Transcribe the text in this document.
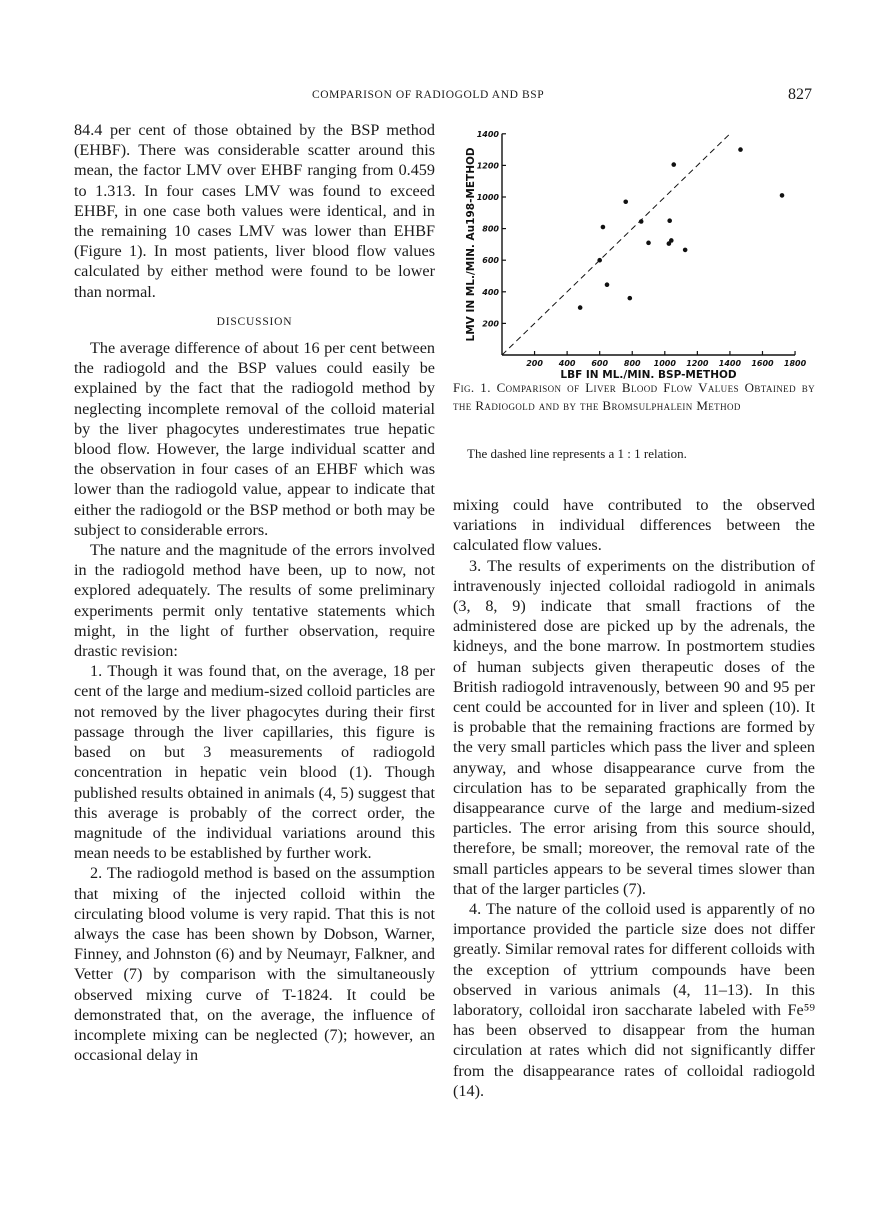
COMPARISON OF RADIOGOLD AND BSP	827

84.4 per cent of those obtained by the BSP method (EHBF). There was considerable scatter around this mean, the factor LMV over EHBF ranging from 0.459 to 1.313. In four cases LMV was found to exceed EHBF, in one case both values were identical, and in the remaining 10 cases LMV was lower than EHBF (Figure 1). In most patients, liver blood flow values calculated by either method were found to be lower than normal.

DISCUSSION

The average difference of about 16 per cent between the radiogold and the BSP values could easily be explained by the fact that the radiogold method by neglecting incomplete removal of the colloid material by the liver phagocytes underestimates true hepatic blood flow. However, the large individual scatter and the observation in four cases of an EHBF which was lower than the radiogold value, appear to indicate that either the radiogold or the BSP method or both may be subject to considerable errors.

The nature and the magnitude of the errors involved in the radiogold method have been, up to now, not explored adequately. The results of some preliminary experiments permit only tentative statements which might, in the light of further observation, require drastic revision:

1. Though it was found that, on the average, 18 per cent of the large and medium-sized colloid particles are not removed by the liver phagocytes during their first passage through the liver capillaries, this figure is based on but 3 measurements of radiogold concentration in hepatic vein blood (1). Though published results obtained in animals (4, 5) suggest that this average is probably of the correct order, the magnitude of the individual variations around this mean needs to be established by further work.

2. The radiogold method is based on the assumption that mixing of the injected colloid within the circulating blood volume is very rapid. That this is not always the case has been shown by Dobson, Warner, Finney, and Johnston (6) and by Neumayr, Falkner, and Vetter (7) by comparison with the simultaneously observed mixing curve of T-1824. It could be demonstrated that, on the average, the influence of incomplete mixing can be neglected (7); however, an occasional delay in

200 400 600 800 1000 1200 1400 1600 1800
200
400
600
800
1000
1200
1400
LBF IN ML./MIN. BSP-METHOD
LMV IN ML./MIN. Au198-METHOD
Fig. 1. Comparison of Liver Blood Flow Values Obtained by the Radiogold and by the Bromsulphalein Method
The dashed line represents a 1 : 1 relation.

mixing could have contributed to the observed variations in individual differences between the calculated flow values.

3. The results of experiments on the distribution of intravenously injected colloidal radiogold in animals (3, 8, 9) indicate that small fractions of the administered dose are picked up by the adrenals, the kidneys, and the bone marrow. In postmortem studies of human subjects given therapeutic doses of the British radiogold intravenously, between 90 and 95 per cent could be accounted for in liver and spleen (10). It is probable that the remaining fractions are formed by the very small particles which pass the liver and spleen anyway, and whose disappearance curve from the circulation has to be separated graphically from the disappearance curve of the large and medium-sized particles. The error arising from this source should, therefore, be small; moreover, the removal rate of the small particles appears to be several times slower than that of the larger particles (7).

4. The nature of the colloid used is apparently of no importance provided the particle size does not differ greatly. Similar removal rates for different colloids with the exception of yttrium compounds have been observed in various animals (4, 11–13). In this laboratory, colloidal iron saccharate labeled with Fe⁵⁹ has been observed to disappear from the human circulation at rates which did not significantly differ from the disappearance rates of colloidal radiogold (14).
